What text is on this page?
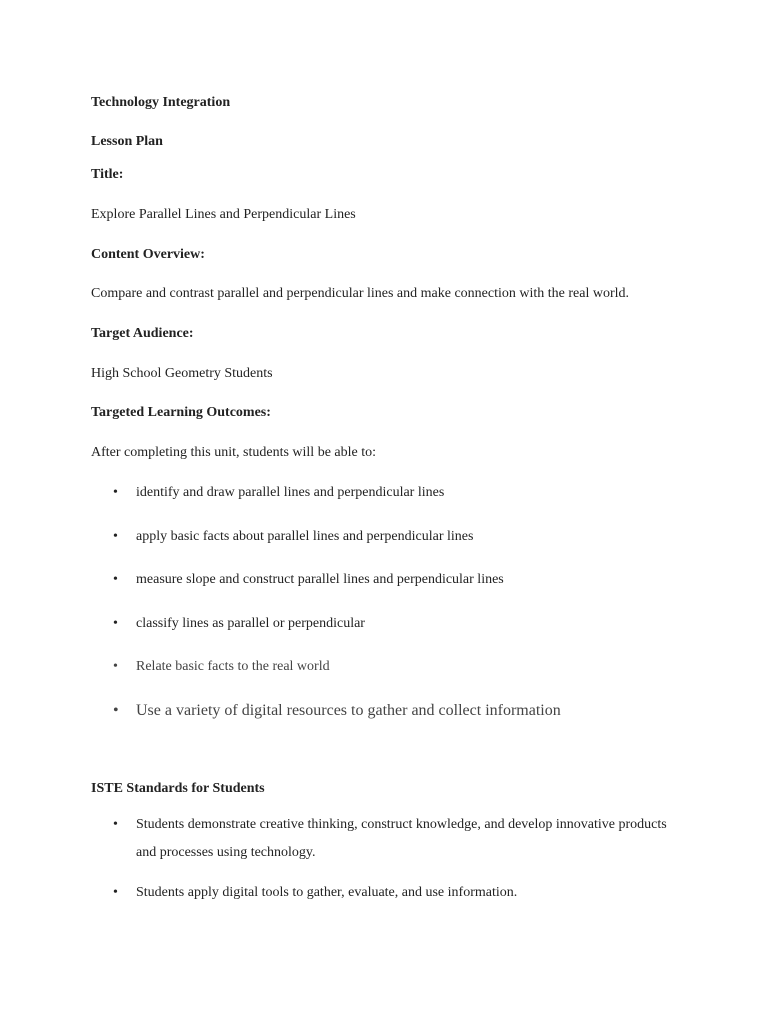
Technology Integration
Lesson Plan
Title:
Explore Parallel Lines and Perpendicular Lines
Content Overview:
Compare and contrast parallel and perpendicular lines and make connection with the real world.
Target Audience:
High School Geometry Students
Targeted Learning Outcomes:
After completing this unit, students will be able to:
• identify and draw parallel lines and perpendicular lines
• apply basic facts about parallel lines and perpendicular lines
• measure slope and construct parallel lines and perpendicular lines
• classify lines as parallel or perpendicular
• Relate basic facts to the real world
• Use a variety of digital resources to gather and collect information
ISTE Standards for Students
• Students demonstrate creative thinking, construct knowledge, and develop innovative products and processes using technology.
• Students apply digital tools to gather, evaluate, and use information.
